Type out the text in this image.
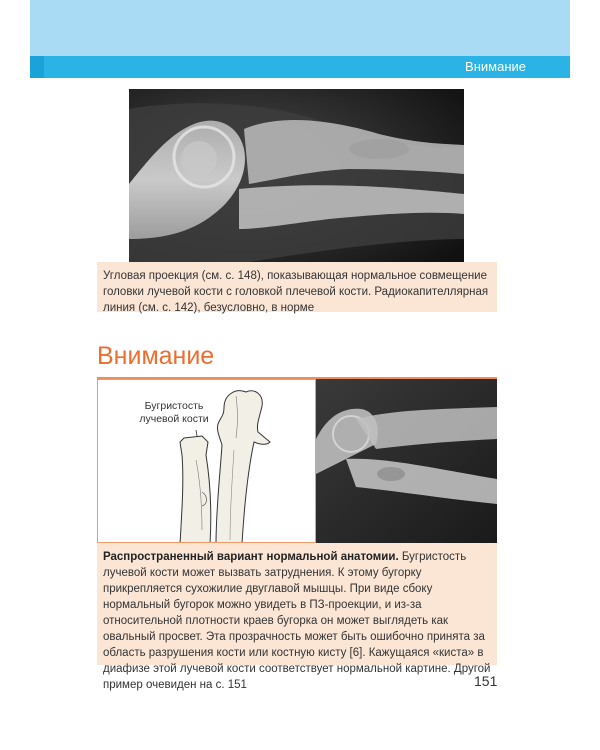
Внимание
Угловая проекция (см. с. 148), показывающая нормальное совмещение головки лучевой кости с головкой плечевой кости. Радиокапителлярная линия (см. с. 142), безусловно, в норме
Внимание
Бугристость лучевой кости
Распространенный вариант нормальной анатомии. Бугристость лучевой кости может вызвать затруднения. К этому бугорку прикрепляется сухожилие двуглавой мышцы. При виде сбоку нормальный бугорок можно увидеть в ПЗ-проекции, и из-за относительной плотности краев бугорка он может выглядеть как овальный просвет. Эта прозрачность может быть ошибочно принята за область разрушения кости или костную кисту [6]. Кажущаяся «киста» в диафизе этой лучевой кости соответствует нормальной картине. Другой пример очевиден на с. 151	151
